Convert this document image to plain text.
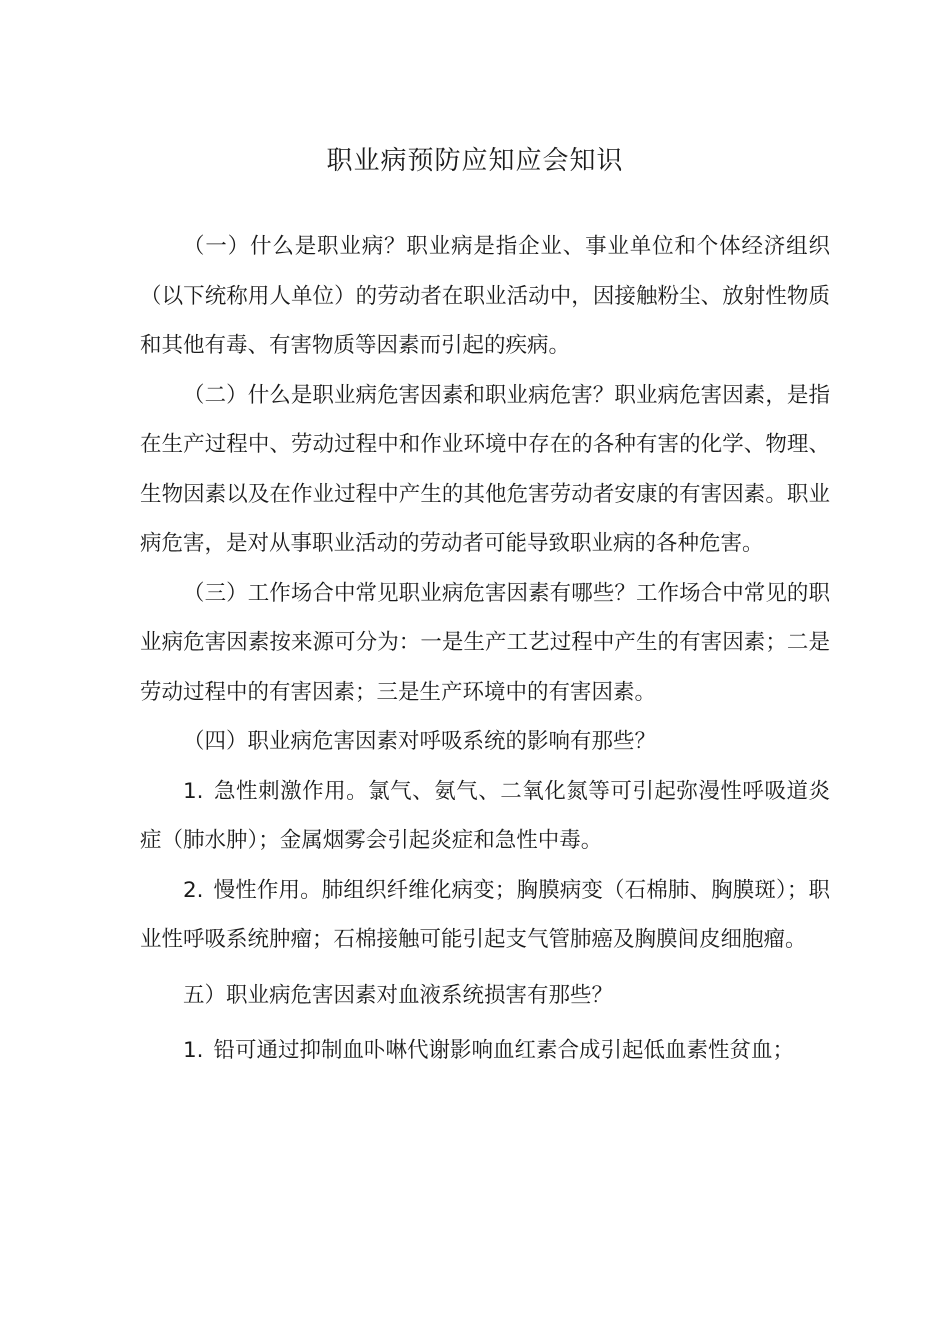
职业病预防应知应会知识

（一）什么是职业病？职业病是指企业、事业单位和个体经济组织（以下统称用人单位）的劳动者在职业活动中，因接触粉尘、放射性物质和其他有毒、有害物质等因素而引起的疾病。

（二）什么是职业病危害因素和职业病危害？职业病危害因素，是指在生产过程中、劳动过程中和作业环境中存在的各种有害的化学、物理、生物因素以及在作业过程中产生的其他危害劳动者安康的有害因素。职业病危害，是对从事职业活动的劳动者可能导致职业病的各种危害。

（三）工作场合中常见职业病危害因素有哪些？工作场合中常见的职业病危害因素按来源可分为：一是生产工艺过程中产生的有害因素；二是劳动过程中的有害因素；三是生产环境中的有害因素。

（四）职业病危害因素对呼吸系统的影响有那些？

1. 急性刺激作用。氯气、氨气、二氧化氮等可引起弥漫性呼吸道炎症（肺水肿）；金属烟雾会引起炎症和急性中毒。

2. 慢性作用。肺组织纤维化病变；胸膜病变（石棉肺、胸膜斑）；职业性呼吸系统肿瘤；石棉接触可能引起支气管肺癌及胸膜间皮细胞瘤。

五）职业病危害因素对血液系统损害有那些？

1. 铅可通过抑制血卟啉代谢影响血红素合成引起低血素性贫血；
